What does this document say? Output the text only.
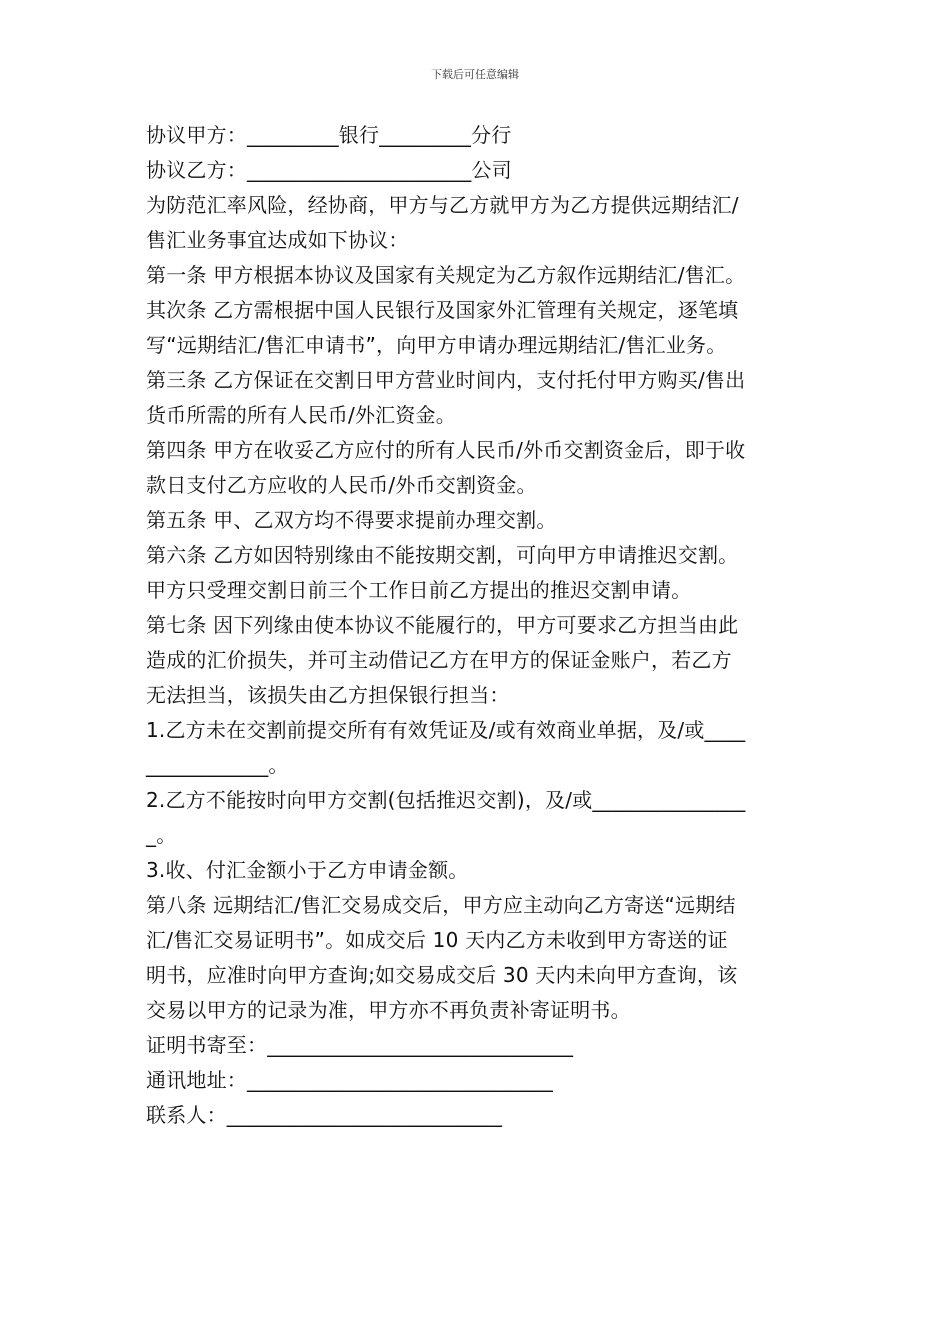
下载后可任意编辑
协议甲方：_________银行_________分行
协议乙方：______________________公司
为防范汇率风险，经协商，甲方与乙方就甲方为乙方提供远期结汇/
售汇业务事宜达成如下协议：
第一条 甲方根据本协议及国家有关规定为乙方叙作远期结汇/售汇。
其次条 乙方需根据中国人民银行及国家外汇管理有关规定，逐笔填
写“远期结汇/售汇申请书”，向甲方申请办理远期结汇/售汇业务。
第三条 乙方保证在交割日甲方营业时间内，支付托付甲方购买/售出
货币所需的所有人民币/外汇资金。
第四条 甲方在收妥乙方应付的所有人民币/外币交割资金后，即于收
款日支付乙方应收的人民币/外币交割资金。
第五条 甲、乙双方均不得要求提前办理交割。
第六条 乙方如因特别缘由不能按期交割，可向甲方申请推迟交割。
甲方只受理交割日前三个工作日前乙方提出的推迟交割申请。
第七条 因下列缘由使本协议不能履行的，甲方可要求乙方担当由此
造成的汇价损失，并可主动借记乙方在甲方的保证金账户，若乙方
无法担当，该损失由乙方担保银行担当：
1.乙方未在交割前提交所有有效凭证及/或有效商业单据，及/或____
____________。
2.乙方不能按时向甲方交割(包括推迟交割)，及/或_______________
_。
3.收、付汇金额小于乙方申请金额。
第八条 远期结汇/售汇交易成交后，甲方应主动向乙方寄送“远期结
汇/售汇交易证明书”。如成交后 10 天内乙方未收到甲方寄送的证
明书，应准时向甲方查询;如交易成交后 30 天内未向甲方查询，该
交易以甲方的记录为准，甲方亦不再负责补寄证明书。
证明书寄至：______________________________
通讯地址：______________________________
联系人：___________________________
